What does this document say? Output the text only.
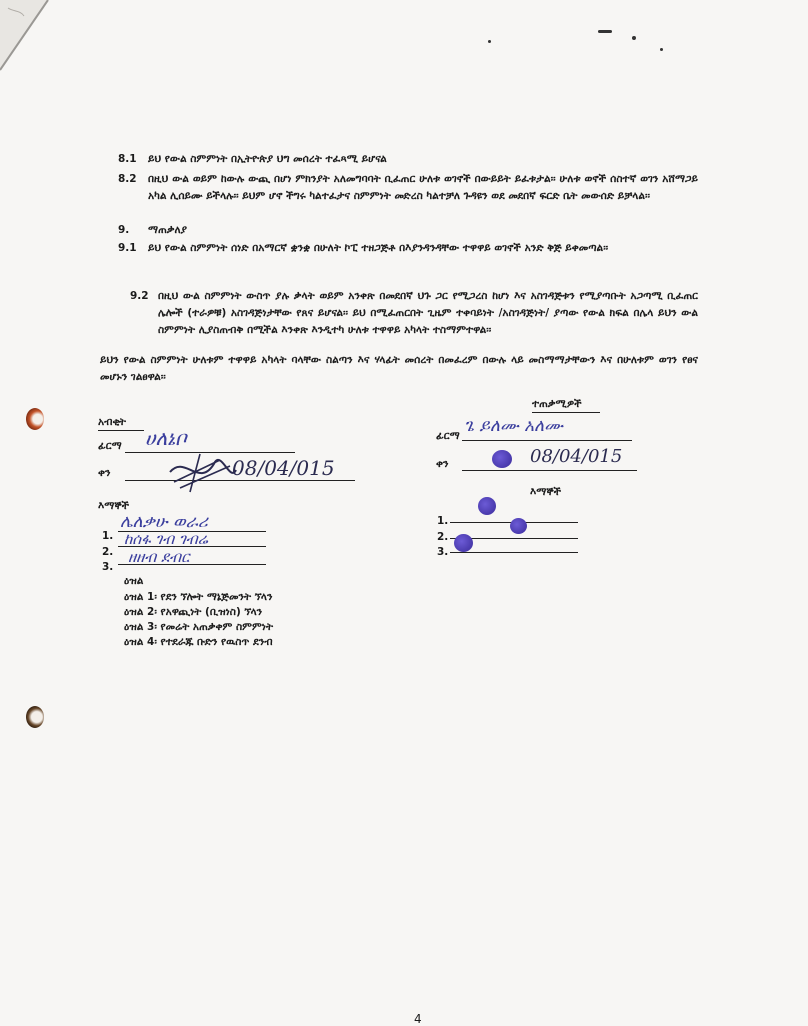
8.1 ይህ የውል ስምምነት በኢትዮጵያ ህግ መሰረት ተፈጻሚ ይሆናል
8.2 በዚህ ውል ወይም ከውሉ ውጪ በሆነ ምክንያት አለመግባባት ቢፈጠር ሁለቱ ወገኖች በውይይት ይፈቱታል፡፡ ሁለቱ ወኖች ሰስተኛ ወገን አሸማጋይ አካል ሊሰይሙ ይችላሉ፡፡ ይህም ሆኖ ችግሩ ካልተፈታና ስምምነት መድረስ ካልተቻለ ጉዳዩን ወደ መደበኛ ፍርድ ቤት መውሰድ ይቻላል፡፡
9. ማጠቃለያ
9.1 ይህ የውል ስምምነት ሰነድ በአማርኛ ቋንቋ በሁለት ኮፒ ተዘጋጅቶ በእያንዳንዳቸው ተዋዋይ ወገኖች አንድ ቅጅ ይቀመጣል፡፡
9.2 በዚህ ውል ስምምነት ውስጥ ያሉ ቃላት ወይም አንቀጽ በመደበኛ ህጉ ጋር የሚጋረስ ከሆነ እና አስገዳጅቱን የሚያጣቡት አጋጣሚ ቢፈጠር ሌሎች (ተራዎቹ) አስገዳጅነታቸው የጸና ይሆናል፡፡ ይህ በሚፈጠርበት ጊዜም ተቀባይነት /አስገዳጅነት/ ያጣው የውል ክፍል በሌላ ይህን ውል ስምምነት ሊያስጠብቅ በሚችል እንቀጽ እንዲተካ ሁለቱ ተዋዋይ አካላት ተስማምተዋል፡፡
ይህን የውል ስምምነት ሁለቱም ተዋዋይ አካላት ባላቸው ስልጣን እና ሃላፊት መሰረት በመፈረም በውሉ ላይ መስማማታቸውን እና በሁለቱም ወገን የፀና መሆኑን ገልፀዋል፡፡
አብቂት
ፊርማ ሀለኔቦ
ቀን	08/04/015
እማኞች
1.
ሌለቃሁ ወራሪ
2.
ከሰፋ ገብ ገብሬ
3.
ዘዘብ ደብር
ዕዝል
ዕዝል 1፡ የደን ኘሎት ማኔጅመንት ኘላን
ዕዝል 2፡ የአዋጪነት (ቢዝነስ) ኘላን
ዕዝል 3፡ የመሬት አጠቃቀም ስምምነት
ዕዝል 4፡ የተደራጁ ቡድን የዉስጥ ደንብ
ተጠቃሚዎች
ፊርማ ጌ ይለሙ አለሙ
ቀን	08/04/015
እማኞች
1.
2.
3.
4
